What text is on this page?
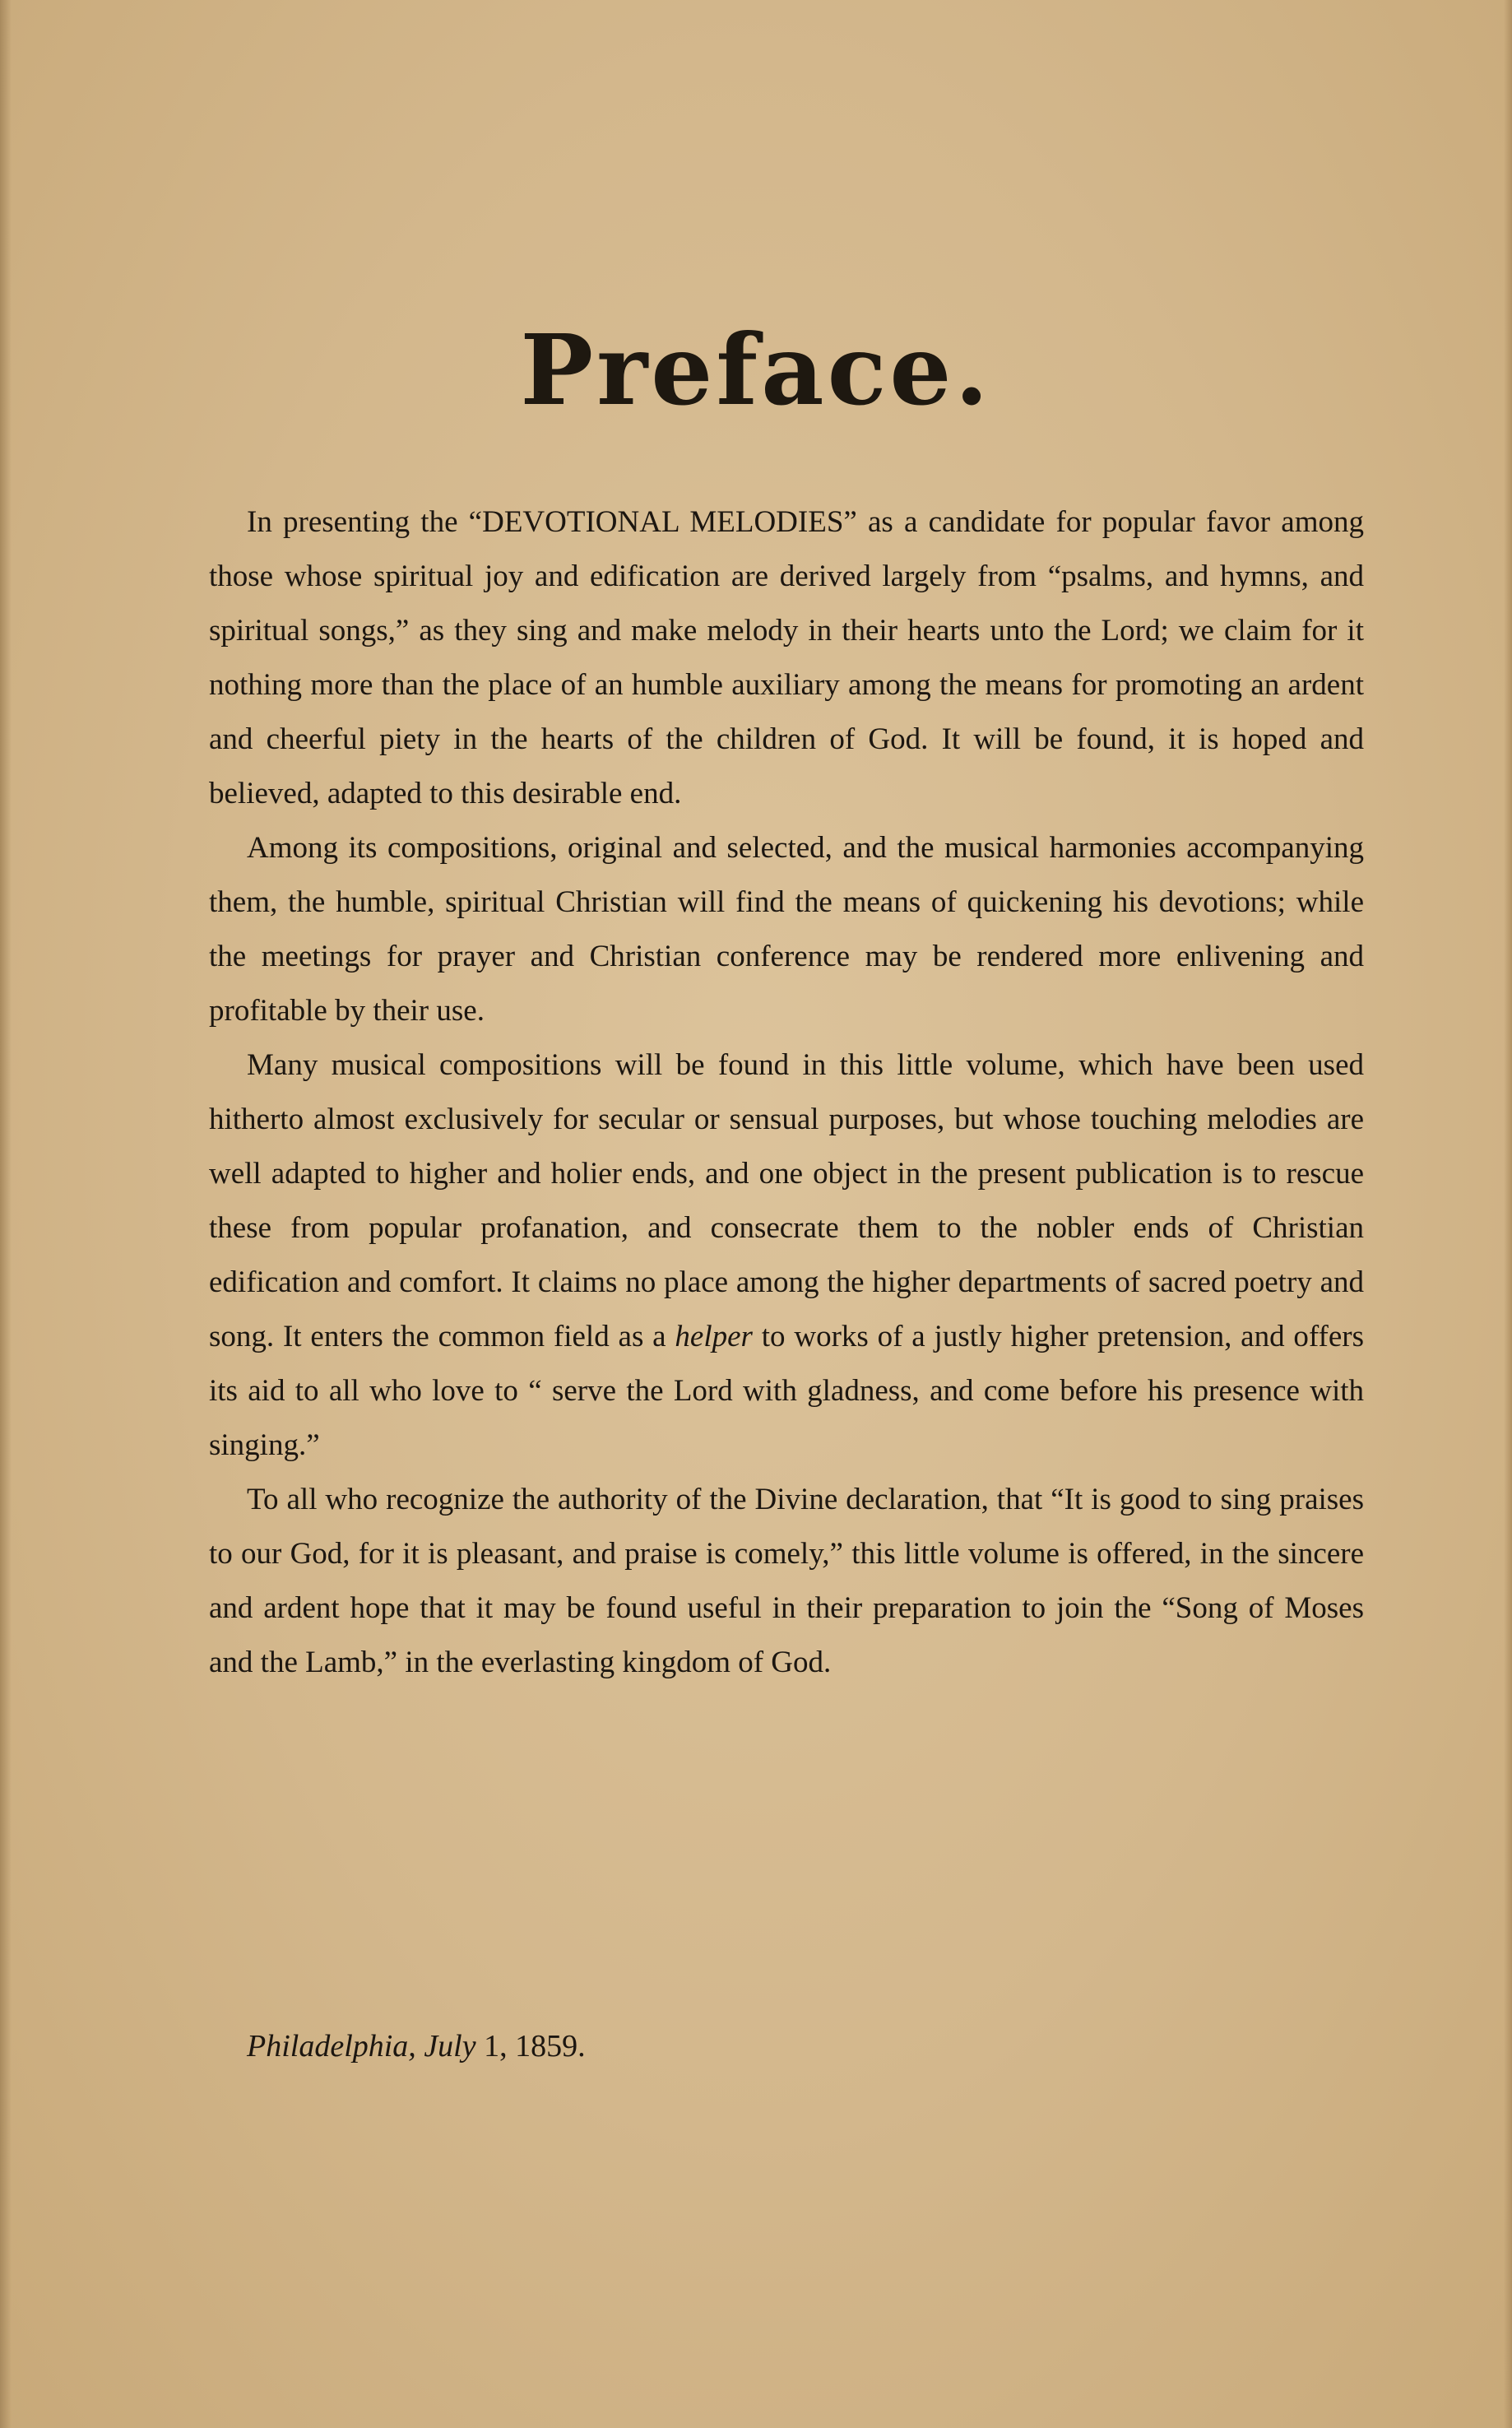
Preface.

In presenting the “DEVOTIONAL MELODIES” as a candidate for popular favor among those whose spiritual joy and edification are derived largely from “psalms, and hymns, and spiritual songs,” as they sing and make melody in their hearts unto the Lord; we claim for it nothing more than the place of an humble auxiliary among the means for promoting an ardent and cheerful piety in the hearts of the children of God. It will be found, it is hoped and believed, adapted to this desirable end.

Among its compositions, original and selected, and the musical harmonies accompanying them, the humble, spiritual Christian will find the means of quickening his devotions; while the meetings for prayer and Christian conference may be rendered more enlivening and profitable by their use.

Many musical compositions will be found in this little volume, which have been used hitherto almost exclusively for secular or sensual purposes, but whose touching melodies are well adapted to higher and holier ends, and one object in the present publication is to rescue these from popular profanation, and consecrate them to the nobler ends of Christian edification and comfort. It claims no place among the higher departments of sacred poetry and song. It enters the common field as a helper to works of a justly higher pretension, and offers its aid to all who love to “ serve the Lord with gladness, and come before his presence with singing.”

To all who recognize the authority of the Divine declaration, that “It is good to sing praises to our God, for it is pleasant, and praise is comely,” this little volume is offered, in the sincere and ardent hope that it may be found useful in their preparation to join the “Song of Moses and the Lamb,” in the everlasting kingdom of God.

Philadelphia, July 1, 1859.
